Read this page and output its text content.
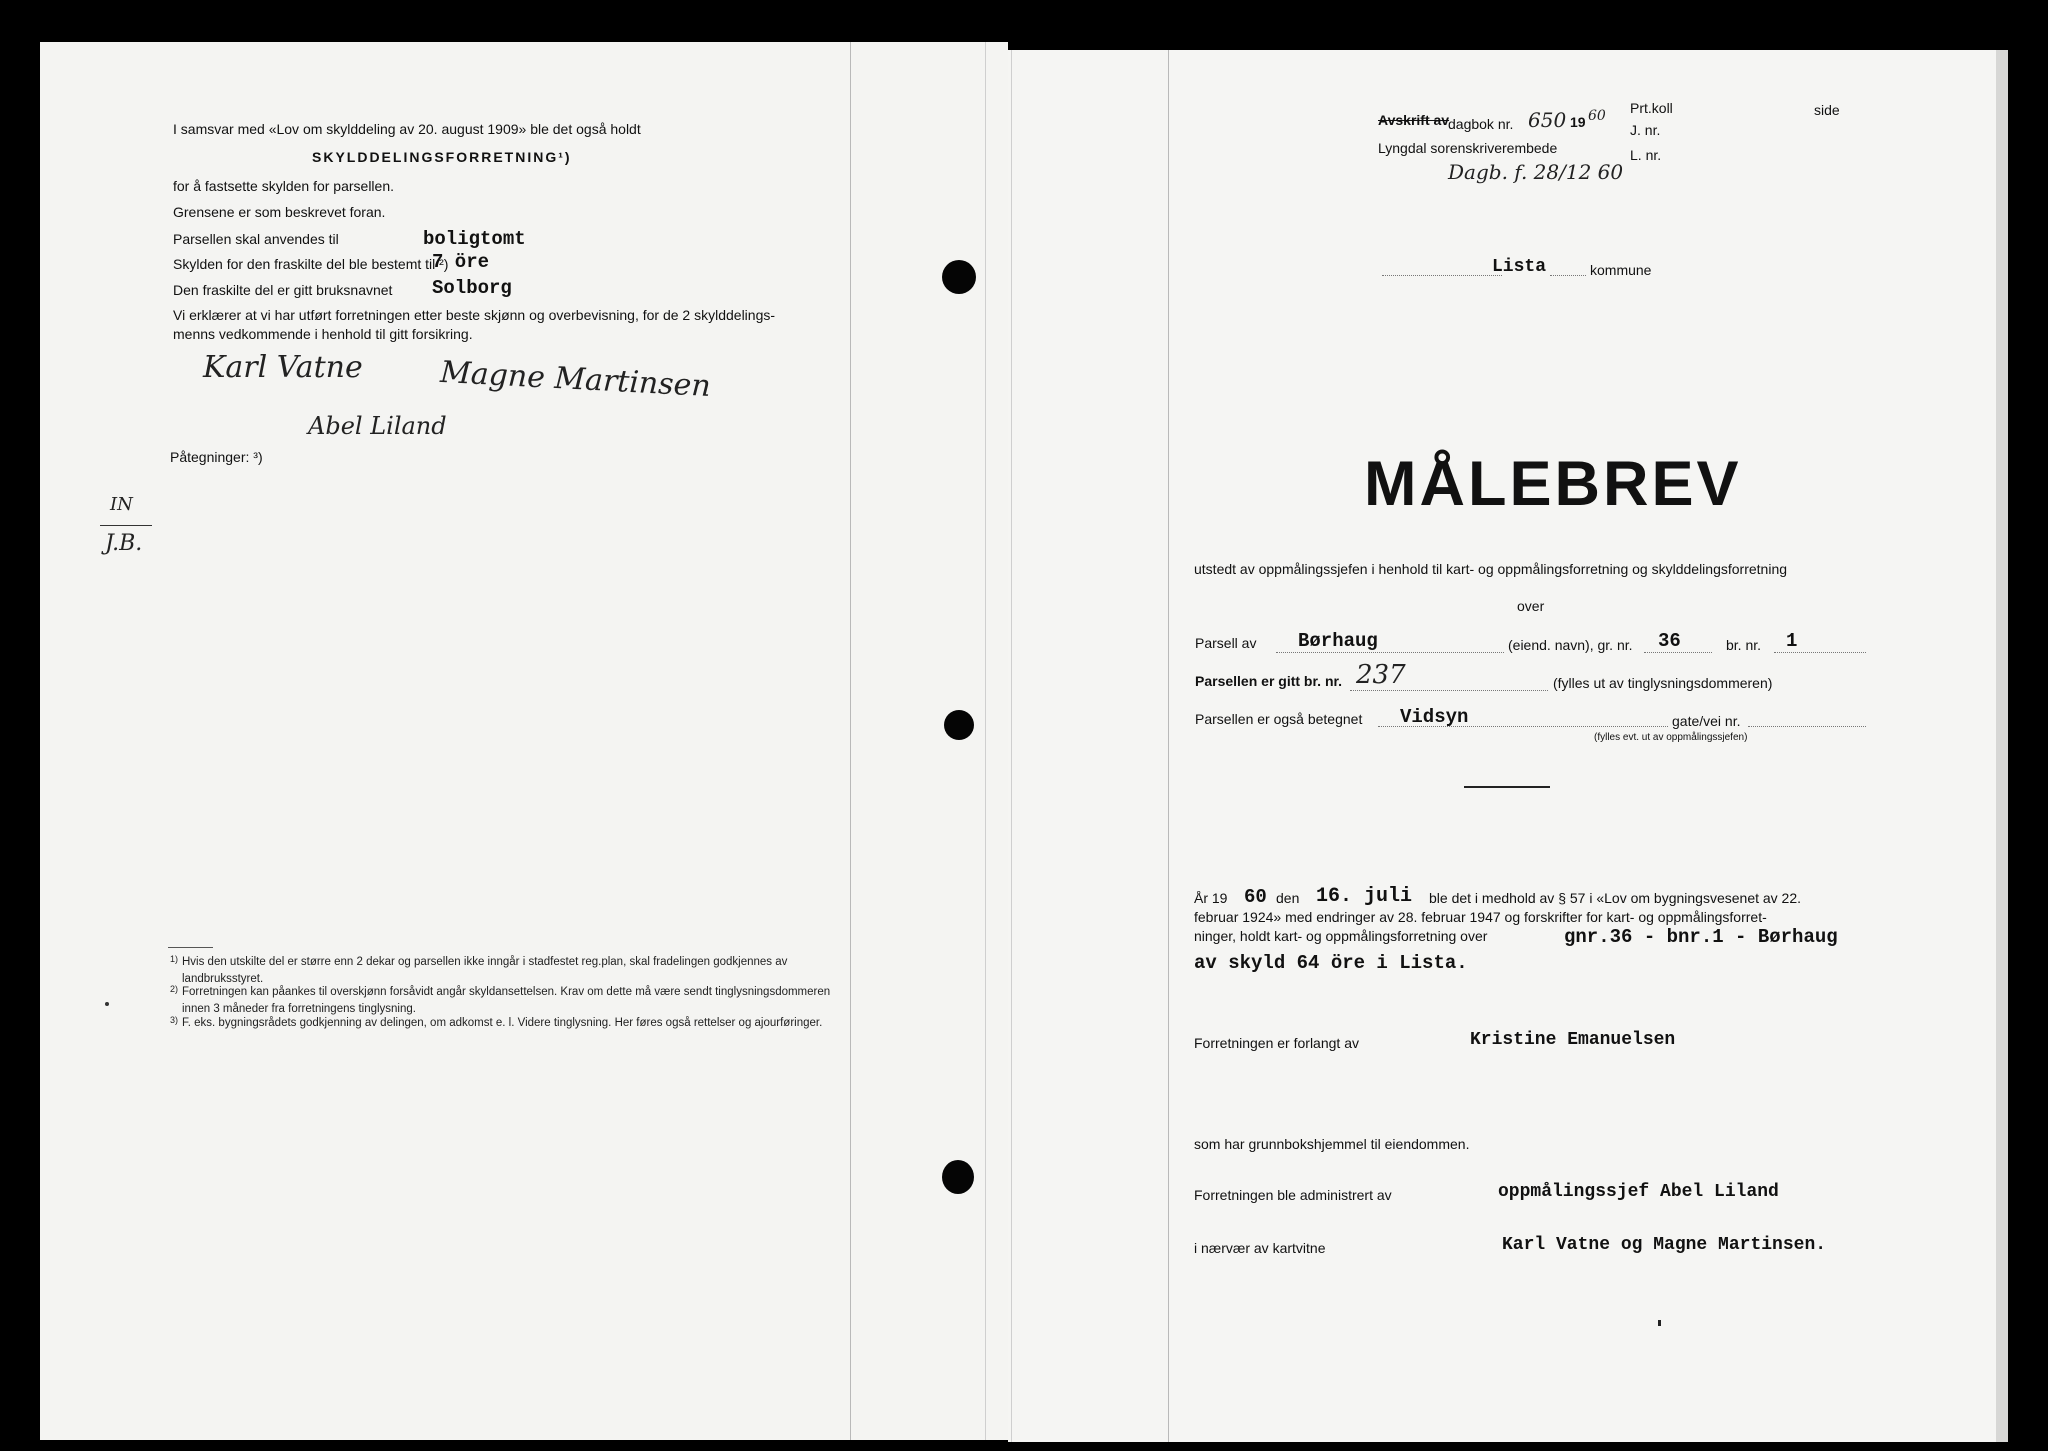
I samsvar med «Lov om skylddeling av 20. august 1909» ble det også holdt
SKYLDDELINGSFORRETNING¹)
for å fastsette skylden for parsellen.
Grensene er som beskrevet foran.
Parsellen skal anvendes til	boligtomt
Skylden for den fraskilte del ble bestemt til ²)
7 öre
Den fraskilte del er gitt bruksnavnet Solborg
Vi erklærer at vi har utført forretningen etter beste skjønn og overbevisning, for de 2 skylddelings-
menns vedkommende i henhold til gitt forsikring.
Karl Vatne	Magne Martinsen
Abel Liland
Påtegninger: ³)
IN
J.B.
1) Hvis den utskilte del er større enn 2 dekar og parsellen ikke inngår i stadfestet reg.plan, skal fradelingen godkjennes av landbruksstyret.
2) Forretningen kan påankes til overskjønn forsåvidt angår skyldansettelsen. Krav om dette må være sendt tinglysningsdommeren innen 3 måneder fra forretningens tinglysning.
3) F. eks. bygningsrådets godkjenning av delingen, om adkomst e. l. Videre tinglysning. Her føres også rettelser og ajourføringer.
Avskrift av
dagbok nr. 650 19 60
Lyngdal sorenskriverembede
Dagb. f. 28/12 60
Prt.koll
J. nr.
L. nr.
side
Lista	kommune
MÅLEBREV
utstedt av oppmålingssjefen i henhold til kart- og oppmålingsforretning og skylddelingsforretning
over
Parsell av Børhaug	(eiend. navn), gr. nr. 36	br. nr. 1
Parsellen er gitt br. nr. 237	(fylles ut av tinglysningsdommeren)
Parsellen er også betegnet Vidsyn	gate/vei nr.
(fylles evt. ut av oppmålingssjefen)
År 19 60 den 16. juli ble det i medhold av § 57 i «Lov om bygningsvesenet av 22.
februar 1924» med endringer av 28. februar 1947 og forskrifter for kart- og oppmålingsforret-
ninger, holdt kart- og oppmålingsforretning over	gnr.36 - bnr.1 - Børhaug
av skyld 64 öre i Lista.
Forretningen er forlangt av	Kristine Emanuelsen
som har grunnbokshjemmel til eiendommen.
Forretningen ble administrert av	oppmålingssjef Abel Liland
i nærvær av kartvitne	Karl Vatne og Magne Martinsen.
